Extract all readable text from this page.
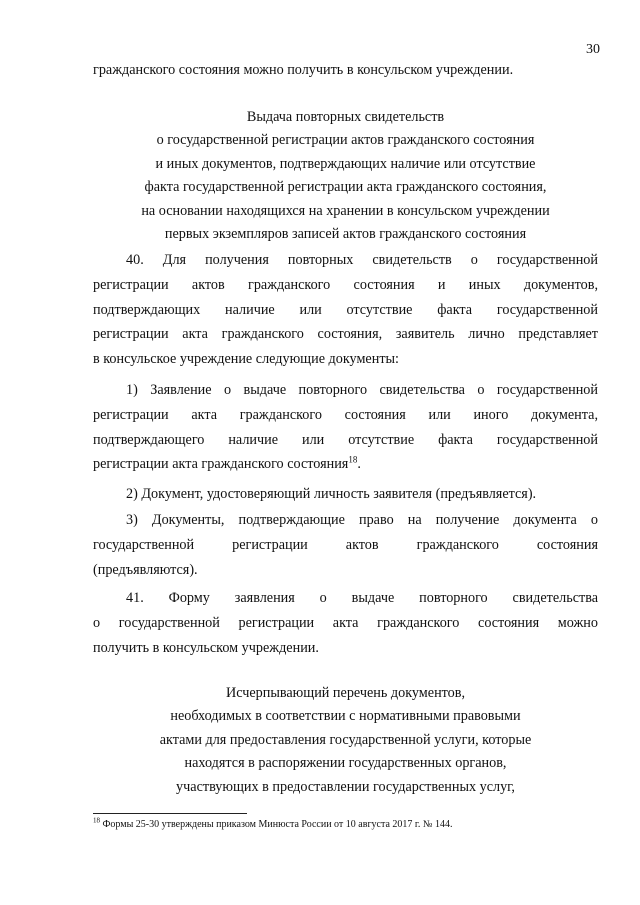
30
гражданского состояния можно получить в консульском учреждении.
Выдача повторных свидетельств
о государственной регистрации актов гражданского состояния
и иных документов, подтверждающих наличие или отсутствие
факта государственной регистрации акта гражданского состояния,
на основании находящихся на хранении в консульском учреждении
первых экземпляров записей актов гражданского состояния
40. Для получения повторных свидетельств о государственной
регистрации актов гражданского состояния и иных документов,
подтверждающих наличие или отсутствие факта государственной
регистрации акта гражданского состояния, заявитель лично представляет
в консульское учреждение следующие документы:
1) Заявление о выдаче повторного свидетельства о государственной
регистрации акта гражданского состояния или иного документа,
подтверждающего наличие или отсутствие факта государственной
регистрации акта гражданского состояния$^{18}$.
2) Документ, удостоверяющий личность заявителя (предъявляется).
3) Документы, подтверждающие право на получение документа о
государственной регистрации актов гражданского состояния
(предъявляются).
41. Форму заявления о выдаче повторного свидетельства
о государственной регистрации акта гражданского состояния можно
получить в консульском учреждении.
Исчерпывающий перечень документов,
необходимых в соответствии с нормативными правовыми
актами для предоставления государственной услуги, которые
находятся в распоряжении государственных органов,
участвующих в предоставлении государственных услуг,
$^{18}$ Формы 25-30 утверждены приказом Минюста России от 10 августа 2017 г. № 144.
